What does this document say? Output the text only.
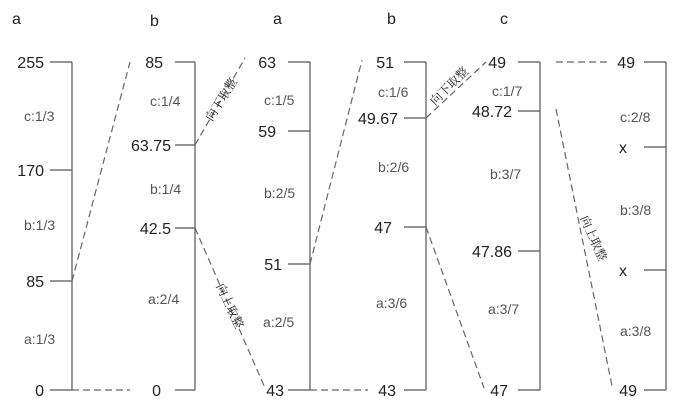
a
255
170
85
0
c:1/3
b:1/3
a:1/3
b
85
63.75
42.5
0
c:1/4
b:1/4
a:2/4
向下取整
向上取整
a
63
59
51
43
c:1/5
b:2/5
a:2/5
b
51
49.67
47
43
c:1/6
b:2/6
a:3/6
向下取整
c
49
48.72
47.86
47
c:1/7
b:3/7
a:3/7
向上取整
49
x
x
49
c:2/8
b:3/8
a:3/8
